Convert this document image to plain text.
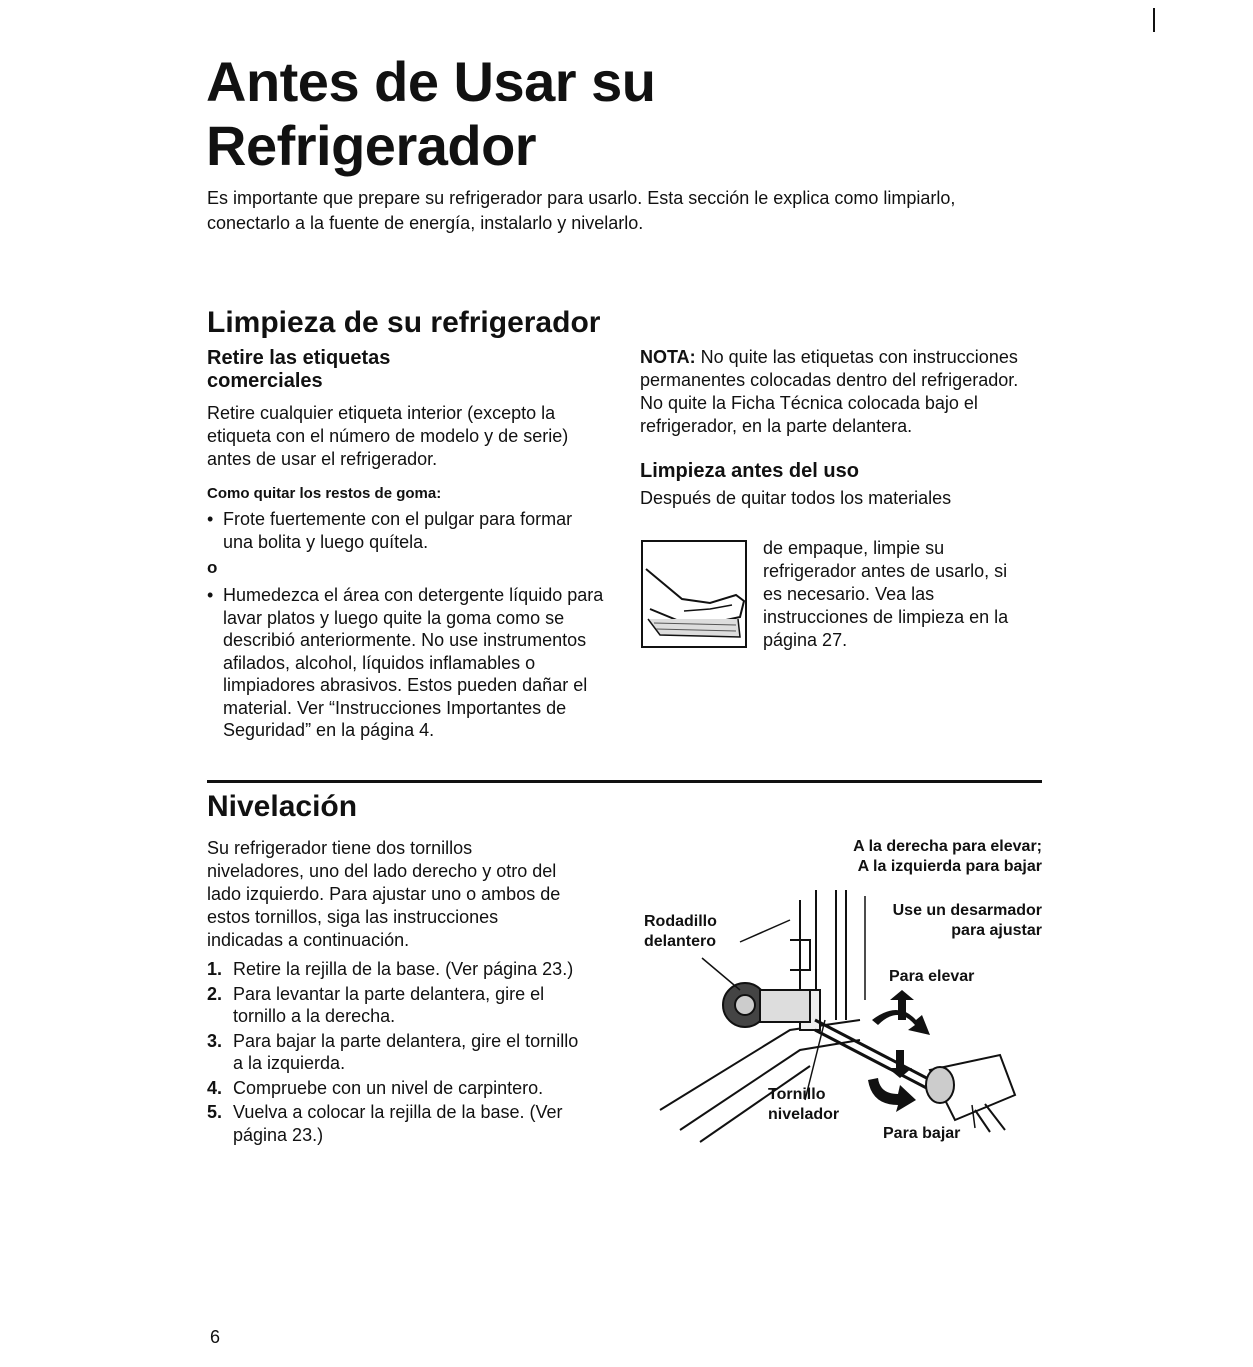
Antes de Usar su
Refrigerador
Es importante que prepare su refrigerador para usarlo. Esta sección le explica como limpiarlo, conectarlo a la fuente de energía, instalarlo y nivelarlo.
Limpieza de su refrigerador
Retire las etiquetas comerciales
Retire cualquier etiqueta interior (excepto la etiqueta con el número de modelo y de serie) antes de usar el refrigerador.
Como quitar los restos de goma:
• Frote fuertemente con el pulgar para formar una bolita y luego quítela.
o
• Humedezca el área con detergente líquido para lavar platos y luego quite la goma como se describió anteriormente. No use instrumentos afilados, alcohol, líquidos inflamables o limpiadores abrasivos. Estos pueden dañar el material. Ver “Instrucciones Importantes de Seguridad” en la página 4.
NOTA: No quite las etiquetas con instrucciones permanentes colocadas dentro del refrigerador. No quite la Ficha Técnica colocada bajo el refrigerador, en la parte delantera.
Limpieza antes del uso
Después de quitar todos los materiales
de empaque, limpie su refrigerador antes de usarlo, si es necesario. Vea las instrucciones de limpieza en la página 27.
Nivelación
Su refrigerador tiene dos tornillos niveladores, uno del lado derecho y otro del lado izquierdo. Para ajustar uno o ambos de estos tornillos, siga las instrucciones indicadas a continuación.
1. Retire la rejilla de la base. (Ver página 23.)
2. Para levantar la parte delantera, gire el tornillo a la derecha.
3. Para bajar la parte delantera, gire el tornillo a la izquierda.
4. Compruebe con un nivel de carpintero.
5. Vuelva a colocar la rejilla de la base. (Ver página 23.)
A la derecha para elevar;
A la izquierda para bajar
Rodadillo
delantero
Use un desarmador
para ajustar
Para elevar
Tornillo
nivelador
Para bajar
6
